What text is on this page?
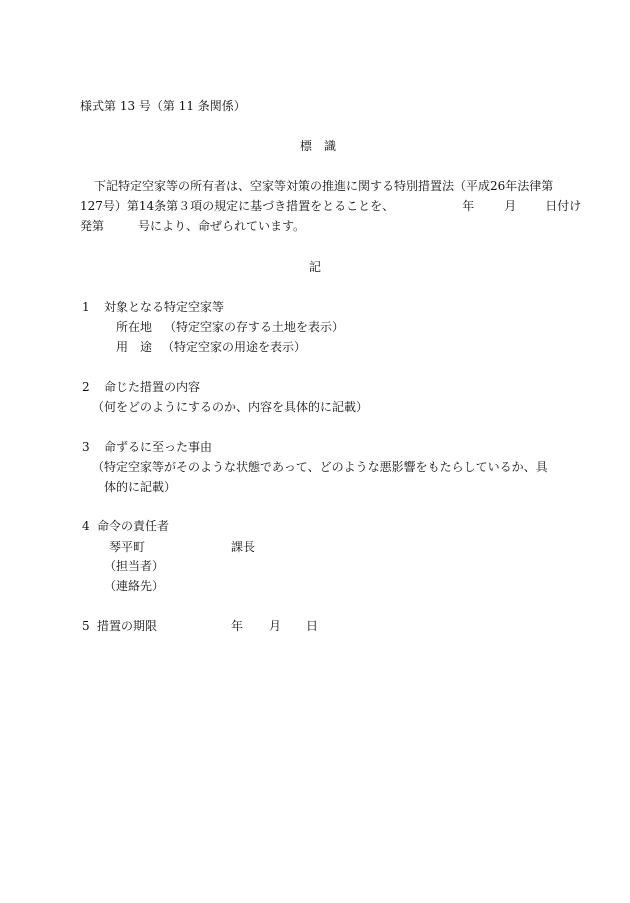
様式第 13 号（第 11 条関係）
標　識
下記特定空家等の所有者は、空家等対策の推進に関する特別措置法（平成26年法律第
127号）第14条第３項の規定に基づき措置をとることを、	年	月 日付け
発第	号により、命ぜられています。
記
1 対象となる特定空家等
所在地 （特定空家の存する土地を表示）
用　途 （特定空家の用途を表示）
2 命じた措置の内容
（何をどのようにするのか、内容を具体的に記載）
3 命ずるに至った事由
（特定空家等がそのような状態であって、どのような悪影響をもたらしているか、具
体的に記載）
4 命令の責任者
琴平町	課長
（担当者）
（連絡先）
5 措置の期限	年 月 日
